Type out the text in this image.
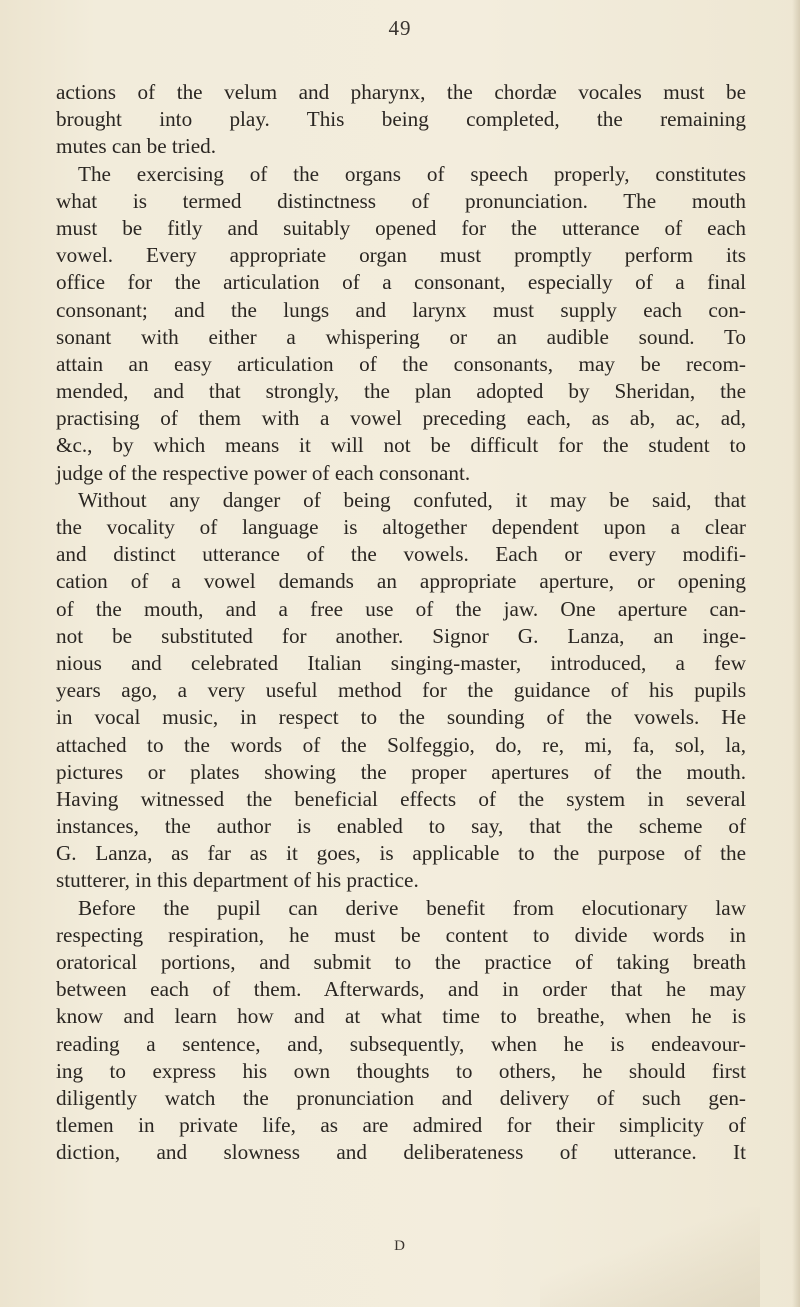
49
actions of the velum and pharynx, the chordæ vocales must be
brought into play. This being completed, the remaining
mutes can be tried.
The exercising of the organs of speech properly, constitutes
what is termed distinctness of pronunciation. The mouth
must be fitly and suitably opened for the utterance of each
vowel. Every appropriate organ must promptly perform its
office for the articulation of a consonant, especially of a final
consonant; and the lungs and larynx must supply each con-
sonant with either a whispering or an audible sound. To
attain an easy articulation of the consonants, may be recom-
mended, and that strongly, the plan adopted by Sheridan, the
practising of them with a vowel preceding each, as ab, ac, ad,
&c., by which means it will not be difficult for the student to
judge of the respective power of each consonant.
Without any danger of being confuted, it may be said, that
the vocality of language is altogether dependent upon a clear
and distinct utterance of the vowels. Each or every modifi-
cation of a vowel demands an appropriate aperture, or opening
of the mouth, and a free use of the jaw. One aperture can-
not be substituted for another. Signor G. Lanza, an inge-
nious and celebrated Italian singing-master, introduced, a few
years ago, a very useful method for the guidance of his pupils
in vocal music, in respect to the sounding of the vowels. He
attached to the words of the Solfeggio, do, re, mi, fa, sol, la,
pictures or plates showing the proper apertures of the mouth.
Having witnessed the beneficial effects of the system in several
instances, the author is enabled to say, that the scheme of
G. Lanza, as far as it goes, is applicable to the purpose of the
stutterer, in this department of his practice.
Before the pupil can derive benefit from elocutionary law
respecting respiration, he must be content to divide words in
oratorical portions, and submit to the practice of taking breath
between each of them. Afterwards, and in order that he may
know and learn how and at what time to breathe, when he is
reading a sentence, and, subsequently, when he is endeavour-
ing to express his own thoughts to others, he should first
diligently watch the pronunciation and delivery of such gen-
tlemen in private life, as are admired for their simplicity of
diction, and slowness and deliberateness of utterance. It
D
